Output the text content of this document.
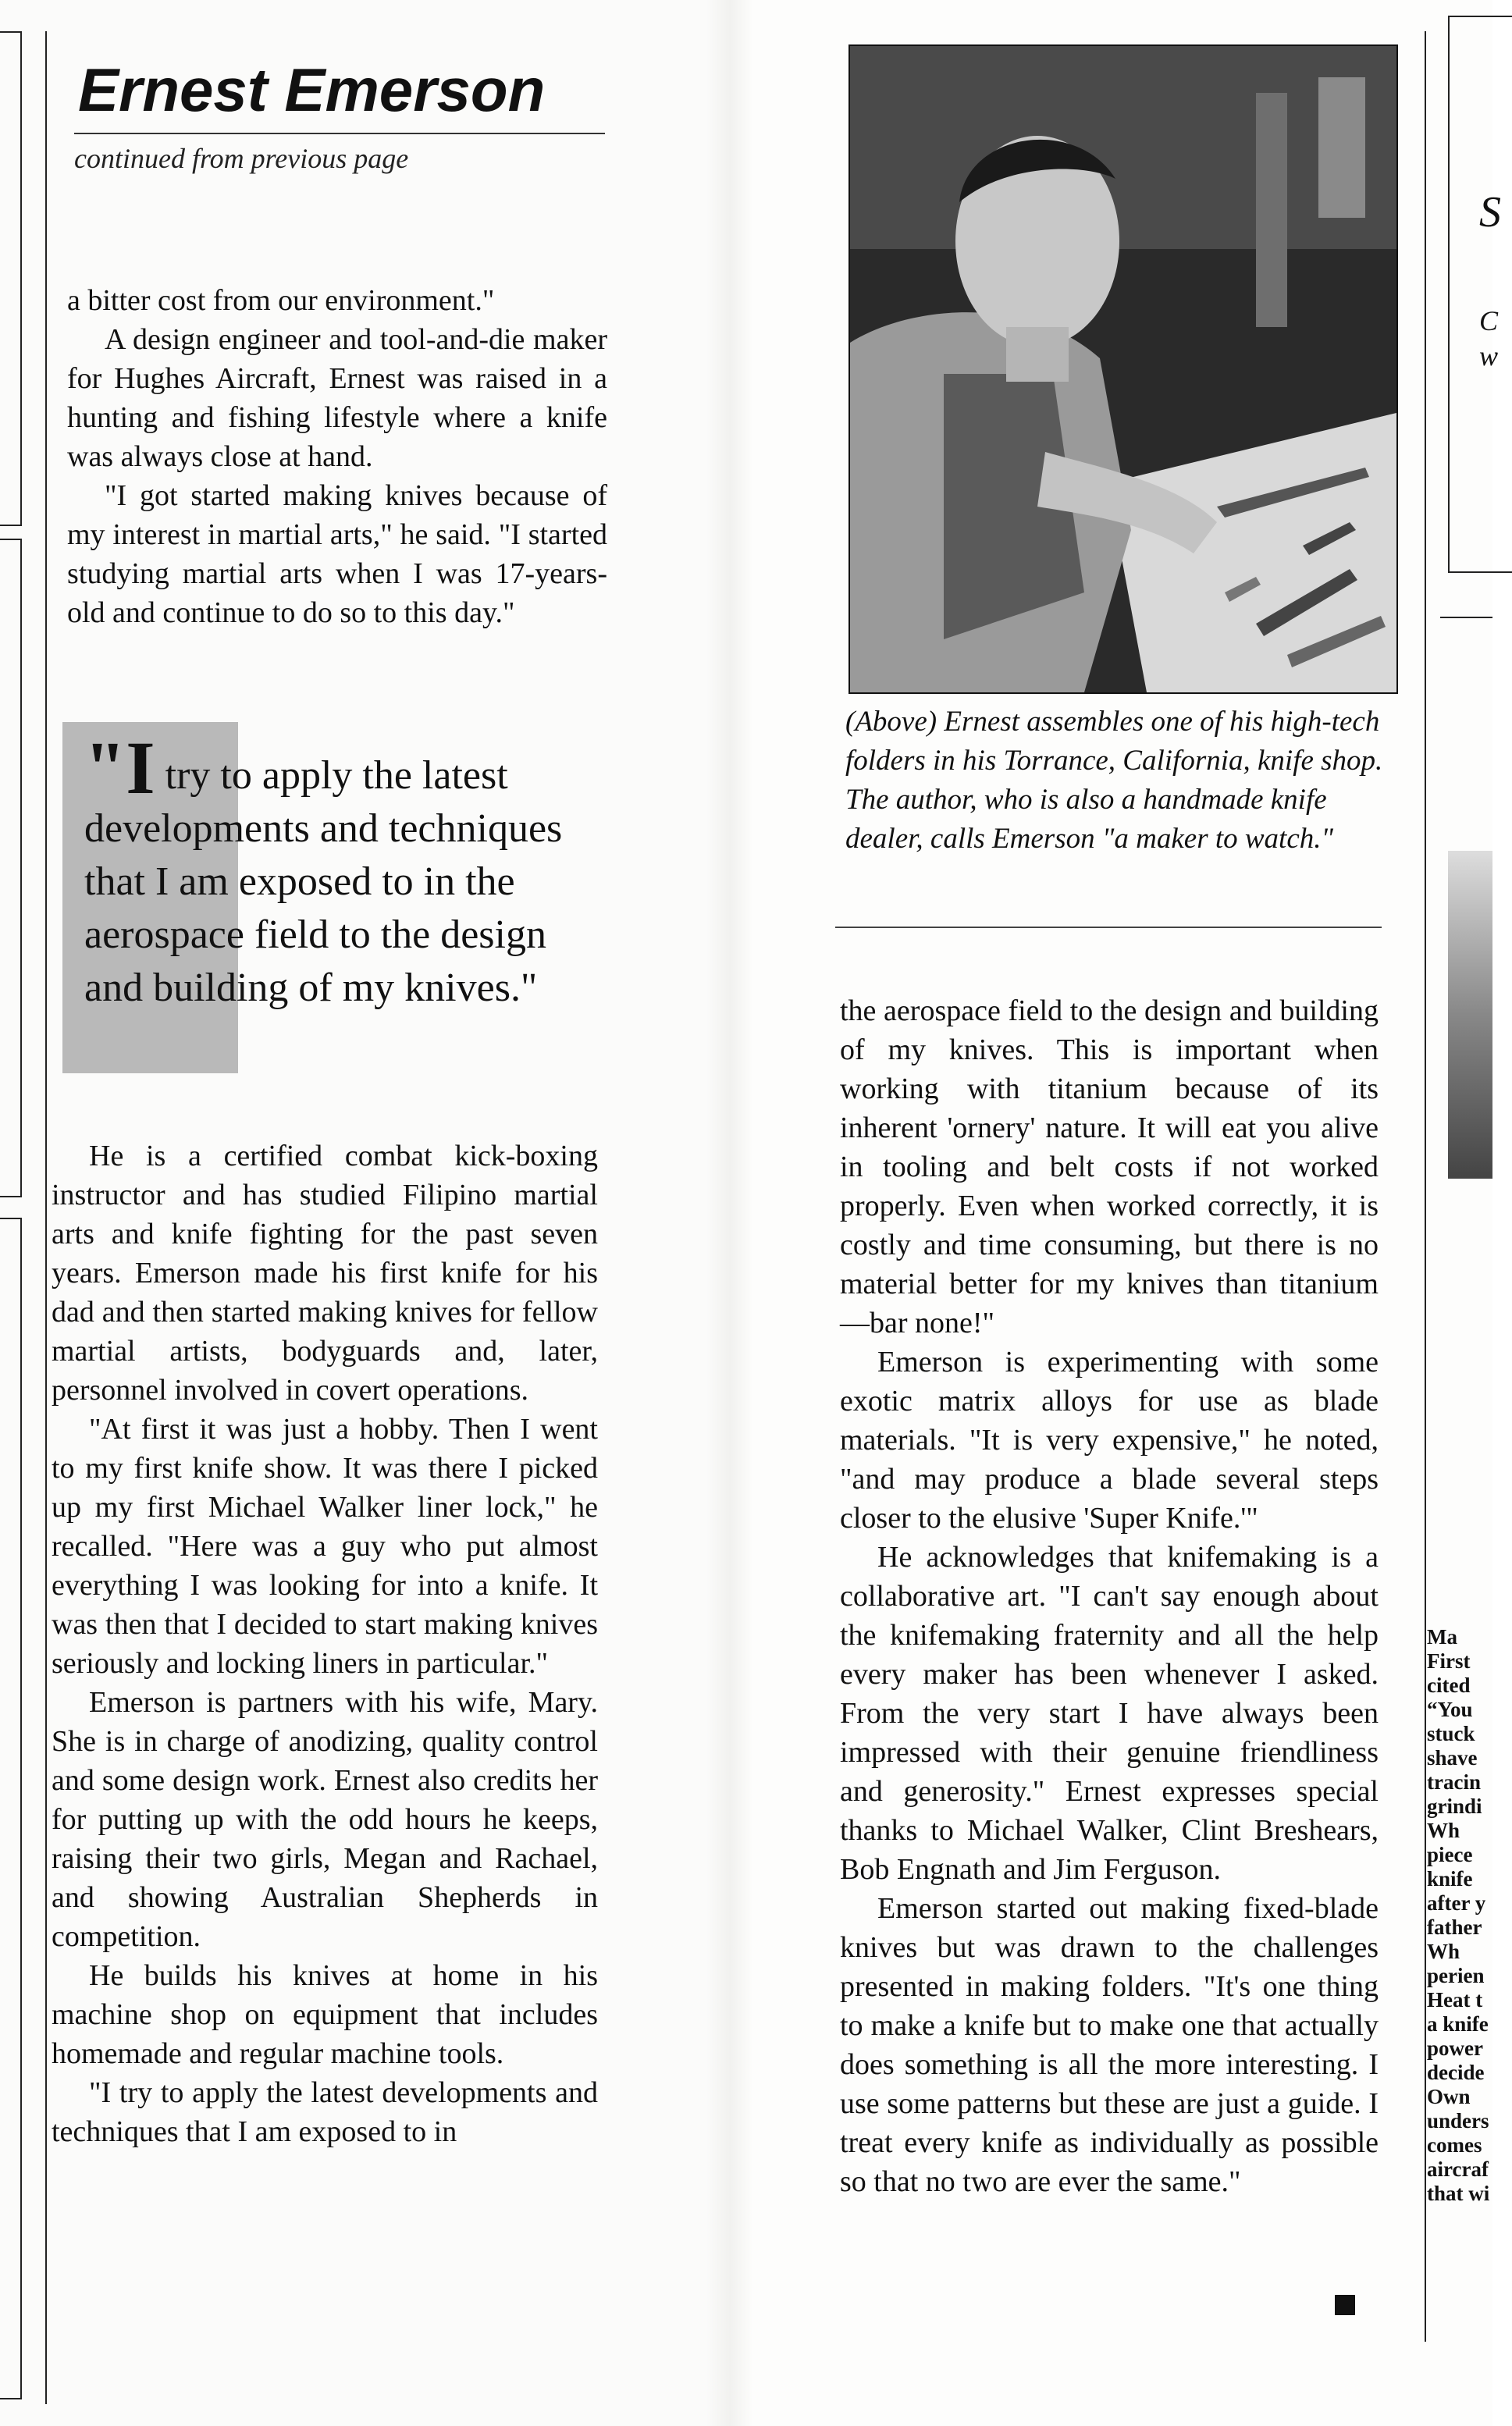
Ernest Emerson
continued from previous page

a bitter cost from our environment."

A design engineer and tool-and-die maker for Hughes Aircraft, Ernest was raised in a hunting and fishing lifestyle where a knife was always close at hand.

"I got started making knives because of my interest in martial arts," he said. "I started studying martial arts when I was 17-years-old and continue to do so to this day."

"I try to apply the latest developments and techniques that I am exposed to in the aerospace field to the design and building of my knives."

He is a certified combat kick-boxing instructor and has studied Filipino martial arts and knife fighting for the past seven years. Emerson made his first knife for his dad and then started making knives for fellow martial artists, bodyguards and, later, personnel involved in covert operations.

"At first it was just a hobby. Then I went to my first knife show. It was there I picked up my first Michael Walker liner lock," he recalled. "Here was a guy who put almost everything I was looking for into a knife. It was then that I decided to start making knives seriously and locking liners in particular."

Emerson is partners with his wife, Mary. She is in charge of anodizing, quality control and some design work. Ernest also credits her for putting up with the odd hours he keeps, raising their two girls, Megan and Rachael, and showing Australian Shepherds in competition.

He builds his knives at home in his machine shop on equipment that includes homemade and regular machine tools.

"I try to apply the latest developments and techniques that I am exposed to in

(Above) Ernest assembles one of his high-tech folders in his Torrance, California, knife shop. The author, who is also a handmade knife dealer, calls Emerson "a maker to watch."

the aerospace field to the design and building of my knives. This is important when working with titanium because of its inherent 'ornery' nature. It will eat you alive in tooling and belt costs if not worked properly. Even when worked correctly, it is costly and time consuming, but there is no material better for my knives than titanium—bar none!"

Emerson is experimenting with some exotic matrix alloys for use as blade materials. "It is very expensive," he noted, "and may produce a blade several steps closer to the elusive 'Super Knife.'"

He acknowledges that knifemaking is a collaborative art. "I can't say enough about the knifemaking fraternity and all the help every maker has been whenever I asked. From the very start I have always been impressed with their genuine friendliness and generosity." Ernest expresses special thanks to Michael Walker, Clint Breshears, Bob Engnath and Jim Ferguson.

Emerson started out making fixed-blade knives but was drawn to the challenges presented in making folders. "It's one thing to make a knife but to make one that actually does something is all the more interesting. I use some patterns but these are just a guide. I treat every knife as individually as possible so that no two are ever the same."

S
C
w
Ma
First
cited
“You
stuck
shave
tracin
grindi
Wh
piece
knife
after y
father
Wh
perien
Heat t
a knife
power
decide
Own
unders
comes
aircraf
that wi
